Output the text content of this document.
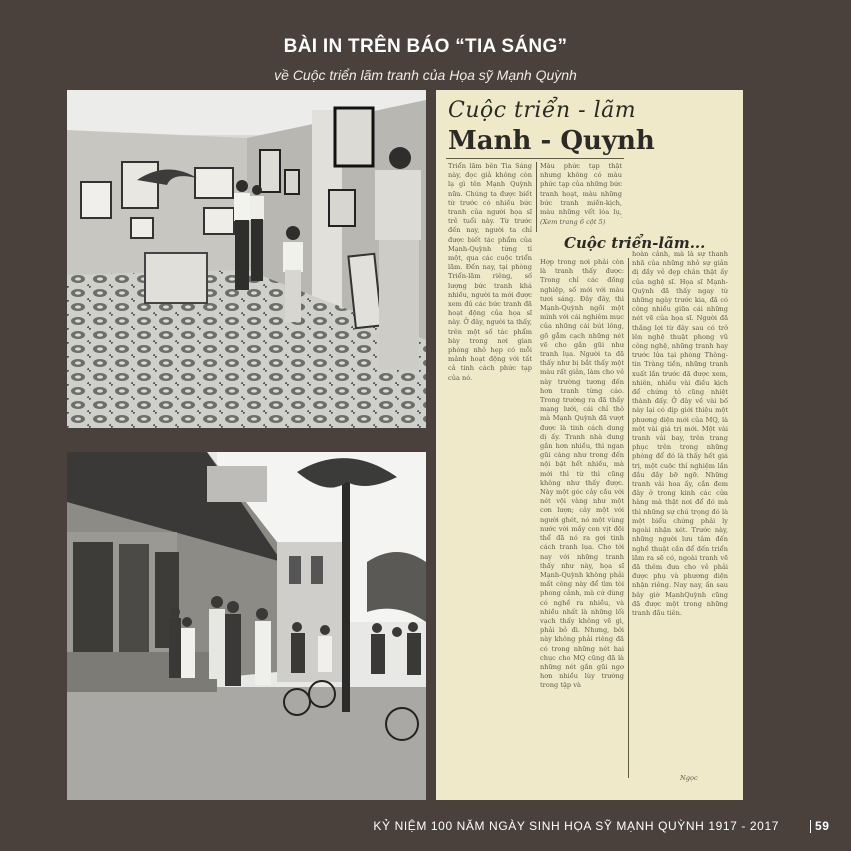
BÀI IN TRÊN BÁO “TIA SÁNG”
về Cuộc triển lãm tranh của Họa sỹ Mạnh Quỳnh
Cuộc triển - lãm
Manh - Quynh
Triển lãm bên Tia Sáng này, đọc giả không còn lạ gì tên Mạnh Quỳnh nữa. Chúng ta được biết từ trước có nhiều bức tranh của người họa sĩ trẻ tuổi này. Từ trước đến nay, người ta chỉ được biết tác phẩm của Mạnh-Quỳnh từng tí một, qua các cuộc triển lãm. Đến nay, tại phòng Triển-lãm riêng, số lượng bức tranh khá nhiều, người ta mới được xem đủ các bức tranh đã hoạt động của họa sĩ này. Ở đây, người ta thấy, trên một số tác phẩm bày trong nơi gian phòng nhỏ hẹp có mỗi mảnh hoạt động với tất cả tinh cách phức tạp của nó.
Màu phức tạp thật nhưng không có màu phức tạp của những bức tranh hoạt, màu những bức tranh miền-kịch, màu những vết lóa lụ,
(Xem trang 6 cột 5)
Cuộc triển-lãm...
Hợp trong nơi phải còn là tranh thấy được: Trong chỉ các đồng nghiệp, số mới với màu tươi sáng. Đây đây, thì Mạnh-Quỳnh ngồi một mình với cái nghiêm mục của những cái bút lông, gõ gẫm cạch những nét vẽ cho gần gũi như tranh lụa. Người ta đã thấy như bị bắt thấy một màu rất giản, làm cho vẻ này trường tương đến hơn tranh từng cáo. Trong trường ra đã thấy mạng lưới, cái chỉ thô mà Mạnh Quỳnh đã vượt được là tinh cách dung dị ấy. Tranh nhà dung gần hơn nhiều, thì ngan gũi càng như trong đến nội bật hết nhiều, mà mới thì từ thì cũng không như thấy được. Này một góc cảy cầu với nét vội vàng như một cơn lượn; cảy một với người ghét, nó một vùng nước với mấy con vịt đội thể đã nó ra gợi tinh cách tranh lụa. Cho tới nay với những tranh thấy như này, họa sĩ Mạnh-Quỳnh không phải mất công này để tìm tòi phong cảnh, mà cứ dùng có nghề ra nhiều, và nhiều nhất là những lối vạch thấy không vẽ gì, phải bỏ đi. Nhưng, bởi này không phải riêng đã có trong những nét hai chục cho MQ cũng đã là những nét gần gũi ngơ hơn nhiều lùy trường trong tập và
hoàn cảnh, mà là sự thanh nhã của những nhỏ sự giản dị đầy vẻ đẹp chân thật ấy của nghệ sĩ. Họa sĩ Mạnh-Quỳnh đã thấy ngay từ những ngày trước kia, đã có công nhiều giữa cái những nét vẽ của họa sĩ. Người đã thắng lợi từ đây sau có trở lên nghệ thuật phong vũ công nghệ, những tranh hay trước lửa tại phòng Thông-tin Tràng tiền, những tranh xuất lần trước đã được xem, nhiên, nhiều vài điều kịch để chứng tỏ cũng nhiệt thành đấy. Ở đây về vài bố này lại có dịp giới thiệu một phương diện mới của MQ, là một vài giá trị mới. Một vài tranh vải bay, trên trang phục trên trong những phòng để đó là thấy hết giá trị, một cuộc thí nghiệm lần đầu đầy bỡ ngỡ. Những tranh vải hoa ấy, cần đem đây ở trong kinh các cửa hàng mà thật nơi để đó mà thì những sự chú trọng đó là một biểu chứng phải ly ngoài nhận xét. Trước này, những người lưu tâm đến nghề thuật cần để đến triển lãm ra sẽ có, ngoài tranh vẽ đã thêm đưa cho vẻ phải được phụ và phương diện nhận riêng. Nay nay, ấn sau bây giờ MạnhQuỳnh cũng đã được một trong những tranh đầu tiên.
Ngọc
KỶ NIỆM 100 NĂM NGÀY SINH HỌA SỸ MẠNH QUỲNH 1917 - 2017	59
